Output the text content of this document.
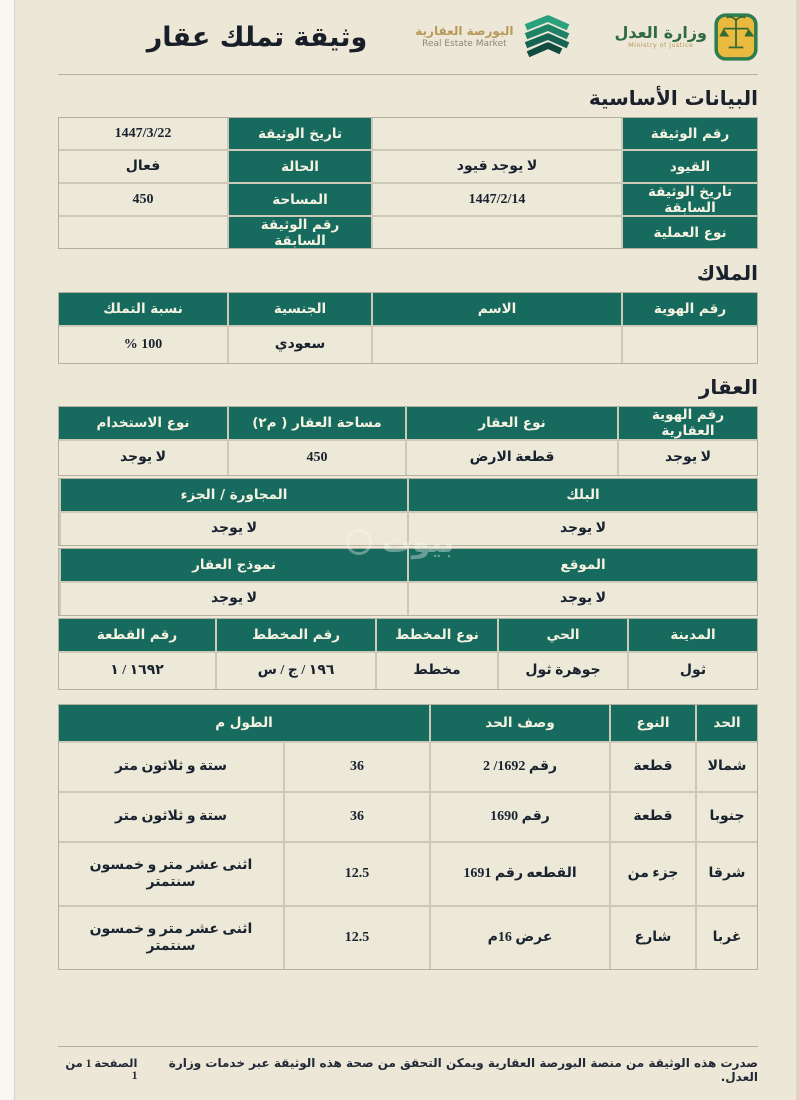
وزارة العدل
Ministry of Justice
البورصة العقارية
Real Estate Market
وثيقة تملك عقار
البيانات الأساسية
رقم الوثيقة
تاريخ الوثيقة
1447/3/22
القيود
لا يوجد قيود
الحالة
فعال
تاريخ الوثيقة السابقة
1447/2/14
المساحة
450
نوع العملية
رقم الوثيقة السابقة
الملاك
رقم الهوية
الاسم
الجنسية
نسبة التملك
سعودي
% 100
العقار
رقم الهوية العقارية
نوع العقار
مساحة العقار ( م٢)
نوع الاستخدام
لا يوجد
قطعة الارض
450
لا يوجد
البلك
المجاورة / الجزء
لا يوجد
لا يوجد
الموقع
نموذج العقار
لا يوجد
لا يوجد
المدينة
الحي
نوع المخطط
رقم المخطط
رقم القطعة
ثول
جوهرة ثول
مخطط
١٩٦ / ج / س
١٦٩٢ / ١
الحد
النوع
وصف الحد
الطول م
شمالا
قطعة
رقم 1692/ 2
36
ستة و ثلاثون متر
جنوبا
قطعة
رقم 1690
36
ستة و ثلاثون متر
شرقا
جزء من
القطعه رقم 1691
12.5
اثنى عشر متر و خمسون سنتمتر
غربا
شارع
عرض 16م
12.5
اثنى عشر متر و خمسون سنتمتر
بيوت
صدرت هذه الوثيقة من منصة البورصة العقارية ويمكن التحقق من صحة هذه الوثيقة عبر خدمات وزارة العدل.
الصفحة 1 من 1
